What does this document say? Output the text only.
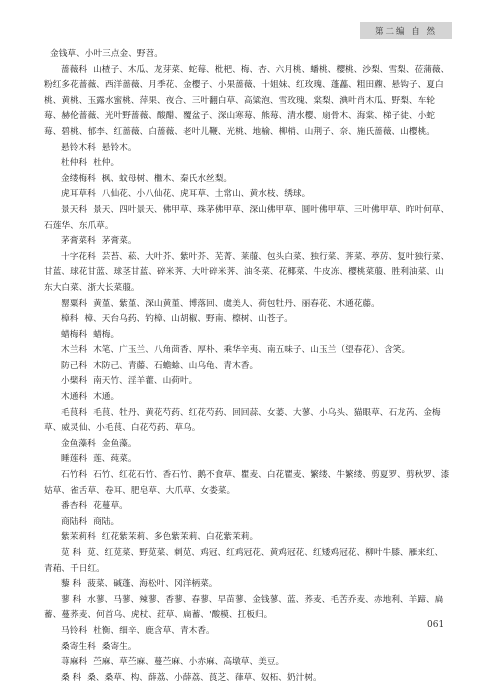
第二编 自 然

金钱草、小叶三点金、野苕。

蔷薇科 山楂子、木瓜、龙芽菜、蛇莓、枇杷、梅、杏、六月桃、蟠桃、樱桃、沙梨、雪梨、莅蒲薇、粉红多花蔷薇、西洋蔷薇、月季花、金樱子、小果蔷薇、十姐妹、红玫瑰、蓬藟、粗田藨、悬钩子、夏白桃、黄桃、玉露水蜜桃、萍果、夜合、三叶翻白草、高粱泡、雪玫瑰、棠梨、淟叶肖木瓜、野梨、车轮莓、赫伦蔷薇、光叶野蔷薇、酸醋、覆盆子、深山寒莓、熊莓、清水樱、扇骨木、海棠、梯子徒、小蛇莓、碧桃、郁李、红蔷薇、白蔷薇、老叶儿鞭、光桃、地榆、柳梢、山荆子、奈、施氏蔷薇、山樱桃。

悬铃木科 悬铃木。

杜仲科 杜仲。

金缕梅科 枫、蚊母树、檵木、秦氏水丝梨。

虎耳草科 八仙花、小八仙花、虎耳草、土常山、黄水枝、绣球。

景天科 景天、四叶景天、佛甲草、珠茅佛甲草、深山佛甲草、圆叶佛甲草、三叶佛甲草、昨叶何草、石莲华、东爪草。

茅膏菜科 茅膏菜。

十字花科 芸苔、菘、大叶芥、紫叶芥、芜菁、莱菔、包头白菜、独行菜、荠菜、葶苈、复叶独行菜、甘蓝、球花甘蓝、球茎甘蓝、碎米荠、大叶碎米荠、油冬菜、花椰菜、牛皮冻、樱桃菜菔、胜利油菜、山东大白菜、浙大长菜菔。

罂粟科 黄堇、紫堇、深山黄堇、博落回、虞美人、荷包牡丹、丽春花、木通花藤。

樟科 樟、天台乌药、钓樟、山胡椒、野南、檫树、山苍子。

蜡梅科 蜡梅。

木兰科 木笔、广玉兰、八角茴香、厚朴、乘华辛夷、南五味子、山玉兰（望春花）、含笑。

防己科 木防己、青藤、石蟾蜍、山乌龟、青木香。

小檗科 南天竹、淫羊藿、山荷叶。

木通科 木通。

毛茛科 毛茛、牡丹、黄花芍药、红花芍药、回回蒜、女萎、大蓼、小乌头、猫眼草、石龙芮、金梅草、威灵仙、小毛茛、白花芍药、草乌。

金鱼藻科 金鱼藻。

睡莲科 莲、莼菜。

石竹科 石竹、红花石竹、香石竹、鹅不食草、瞿麦、白花瞿麦、繁缕、牛繁缕、剪夏罗、剪秋罗、漆姑草、雀舌草、卷耳、肥皂草、大爪草、女娄菜。

番杏科 花蔓草。

商陆科 商陆。

紫茉莉科 红花紫茉莉、多色紫茉莉、白花紫茉莉。

苋 科 苋、红苋菜、野苋菜、刺苋、鸡冠、红鸡冠花、黄鸡冠花、红矮鸡冠花、柳叶牛膝、雁来红、青葙、千日红。

藜 科 菠菜、碱蓬、海松叶、冈洋柄菜。

蓼 科 水蓼、马蓼、辣蓼、香蓼、春蓼、早苗蓼、金钱蓼、蓝、荞麦、毛苦乔麦、赤地利、羊蹄、扁蓄、蔓荞麦、何首乌、虎杖、荭草、扁蓄、'酸模、扛板归。

马铃科 杜衡、细辛、鹿含草、青木香。

桑寄生科 桑寄生。

荨麻科 苎麻、草苎麻、蔓苎麻、小赤麻、高墩草、美豆。

桑 科 桑、桑草、构、薛荔、小薛荔、莨芝、葎草、奴柘、奶汁树。

061
